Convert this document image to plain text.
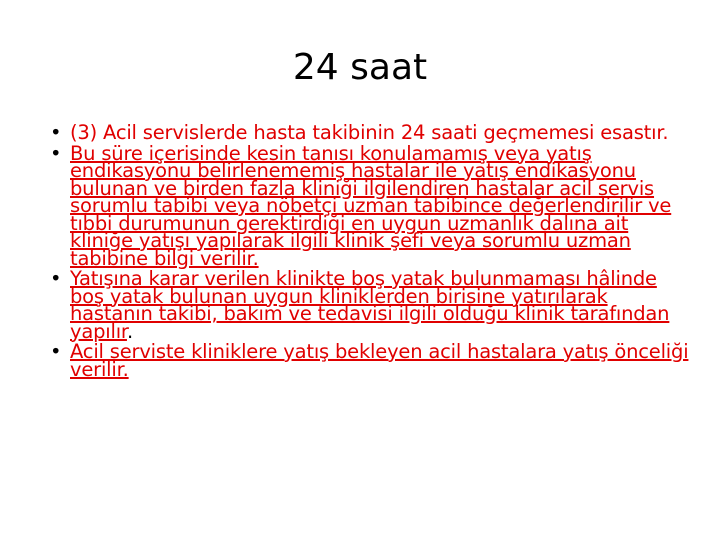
24 saat
• (3) Acil servislerde hasta takibinin 24 saati geçmemesi esastır.
• Bu süre içerisinde kesin tanısı konulamamış veya yatış endikasyonu belirlenememiş hastalar ile yatış endikasyonu bulunan ve birden fazla kliniği ilgilendiren hastalar acil servis sorumlu tabibi veya nöbetçi uzman tabibince değerlendirilir ve tıbbi durumunun gerektirdiği en uygun uzmanlık dalına ait kliniğe yatışı yapılarak ilgili klinik şefi veya sorumlu uzman tabibine bilgi verilir.
• Yatışına karar verilen klinikte boş yatak bulunmaması hâlinde boş yatak bulunan uygun kliniklerden birisine yatırılarak hastanın takibi, bakım ve tedavisi ilgili olduğu klinik tarafından yapılır.
• Acil serviste kliniklere yatış bekleyen acil hastalara yatış önceliği verilir.
